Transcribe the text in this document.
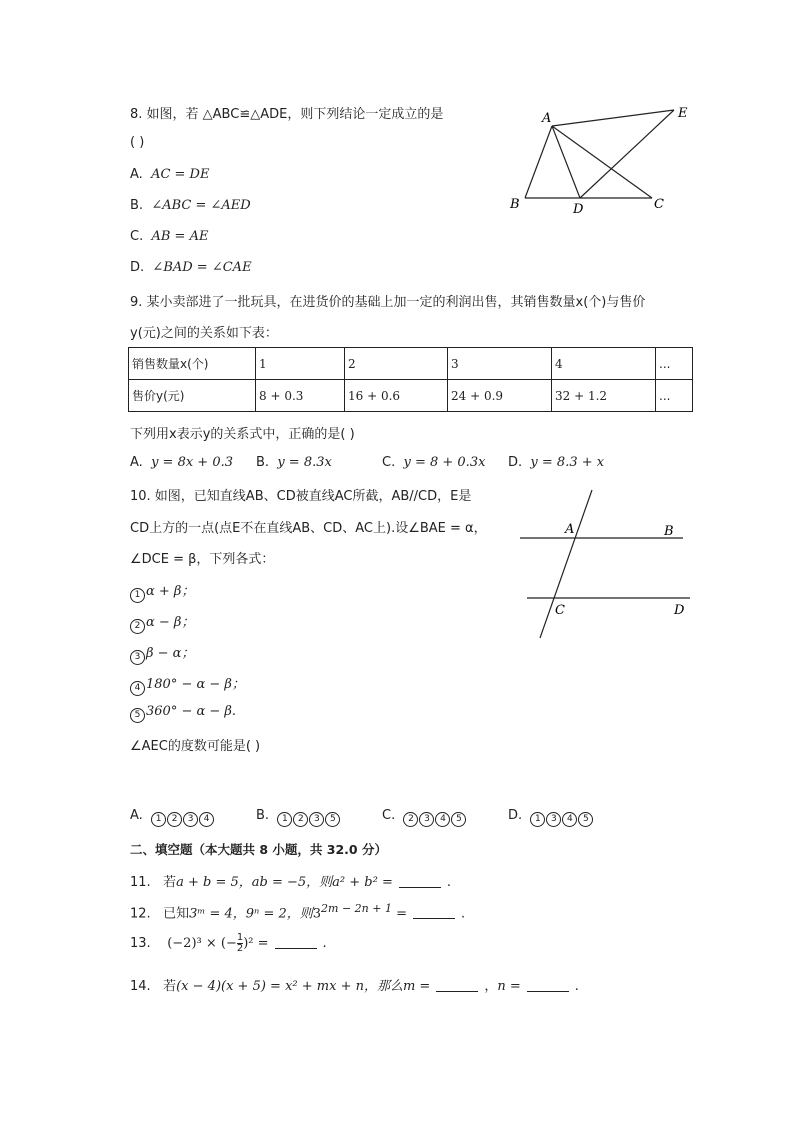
8. 如图，若 △ABC≌△ADE，则下列结论一定成立的是
( )
A. AC = DE
B. ∠ABC = ∠AED
C. AB = AE
D. ∠BAD = ∠CAE
A
B	C
D
E
9. 某小卖部进了一批玩具，在进货价的基础上加一定的利润出售，其销售数量x(个)与售价
y(元)之间的关系如下表：
销售数量x(个)	1	2	3	4	...
售价y(元)	8 + 0.3	16 + 0.6	24 + 0.9	32 + 1.2	...
下列用x表示y的关系式中，正确的是( )
A. y = 8x + 0.3 B. y = 8.3x	C. y = 8 + 0.3x D. y = 8.3 + x
10. 如图，已知直线AB、CD被直线AC所截，AB//CD，E是
CD上方的一点(点E不在直线AB、CD、AC上).设∠BAE = α，
∠DCE = β，下列各式：
1 α + β；
2 α − β；
3 β − α；
4 180° − α − β；
5 360° − α − β.
∠AEC的度数可能是( )
A	B
C	D
A. 1 2 3 4	B. 1 2 3 5	C. 2 3 4 5	D. 1 3 4 5
二、填空题（本大题共 8 小题，共 32.0 分）
11. 若a + b = 5，ab = −5，则a² + b² =	.
12. 已知3ᵐ = 4，9ⁿ = 2，则$3^{2m - 2n + 1}$ =	.
13. (−2)³ × (− $\frac{1}{2} )^2$ =	.
14. 若(x − 4)(x + 5) = x² + mx + n，那么m =	，n =	.
